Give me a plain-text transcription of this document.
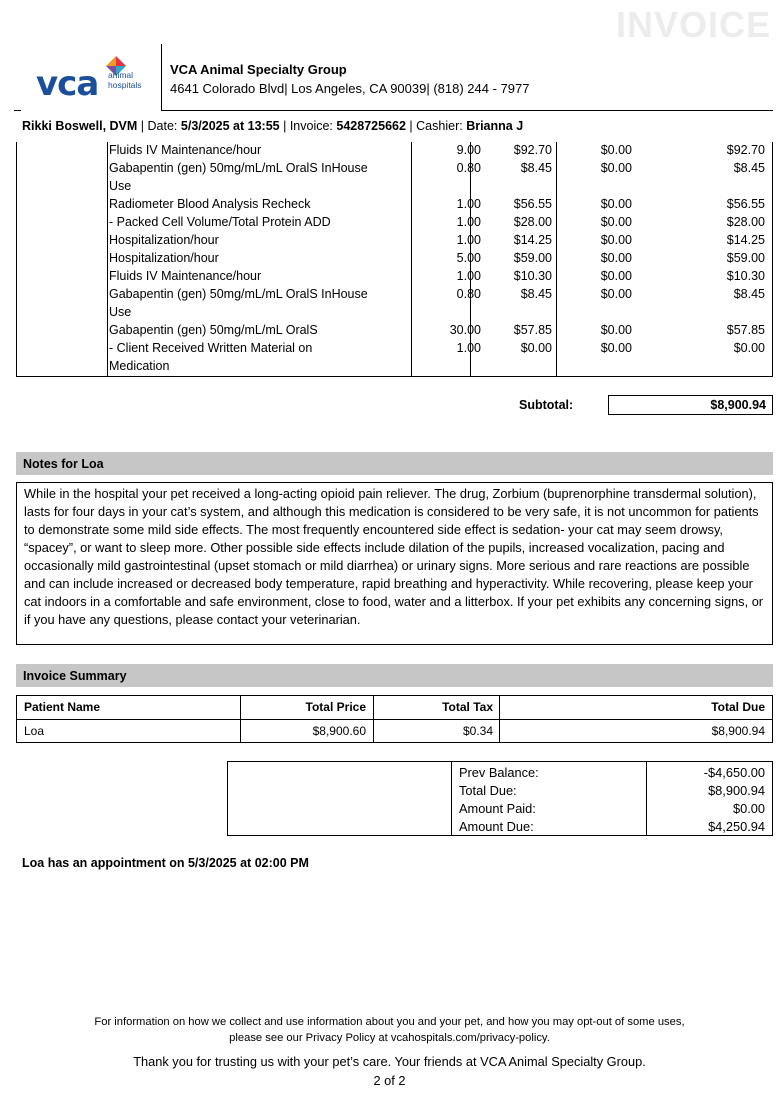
INVOICE
vca animal
hospitals
VCA Animal Specialty Group
4641 Colorado Blvd| Los Angeles, CA 90039| (818) 244 - 7977
Rikki Boswell, DVM | Date: 5/3/2025 at 13:55 | Invoice: 5428725662 | Cashier: Brianna J
Fluids IV Maintenance/hour	9.00	$92.70	$0.00	$92.70
Gabapentin (gen) 50mg/mL/mL OralS InHouse	0.80	$8.45	$0.00	$8.45
Use
Radiometer Blood Analysis Recheck	1.00	$56.55	$0.00	$56.55
- Packed Cell Volume/Total Protein ADD	1.00	$28.00	$0.00	$28.00
Hospitalization/hour	1.00	$14.25	$0.00	$14.25
Hospitalization/hour	5.00	$59.00	$0.00	$59.00
Fluids IV Maintenance/hour	1.00	$10.30	$0.00	$10.30
Gabapentin (gen) 50mg/mL/mL OralS InHouse	0.80	$8.45	$0.00	$8.45
Use
Gabapentin (gen) 50mg/mL/mL OralS	30.00	$57.85	$0.00	$57.85
- Client Received Written Material on	1.00	$0.00	$0.00	$0.00
Medication
Subtotal:	$8,900.94
Notes for Loa
While in the hospital your pet received a long-acting opioid pain reliever. The drug, Zorbium (buprenorphine transdermal solution), lasts for four days in your cat’s system, and although this medication is considered to be very safe, it is not uncommon for patients to demonstrate some mild side effects. The most frequently encountered side effect is sedation- your cat may seem drowsy, “spacey”, or want to sleep more. Other possible side effects include dilation of the pupils, increased vocalization, pacing and occasionally mild gastrointestinal (upset stomach or mild diarrhea) or urinary signs. More serious and rare reactions are possible and can include increased or decreased body temperature, rapid breathing and hyperactivity. While recovering, please keep your cat indoors in a comfortable and safe environment, close to food, water and a litterbox. If your pet exhibits any concerning signs, or if you have any questions, please contact your veterinarian.
Invoice Summary
Patient Name	Total Price	Total Tax	Total Due
Loa	$8,900.60	$0.34	$8,900.94
Prev Balance:	-$4,650.00
Total Due:	$8,900.94
Amount Paid:	$0.00
Amount Due:	$4,250.94
Loa has an appointment on 5/3/2025 at 02:00 PM
For information on how we collect and use information about you and your pet, and how you may opt-out of some uses,
please see our Privacy Policy at vcahospitals.com/privacy-policy.
Thank you for trusting us with your pet’s care. Your friends at VCA Animal Specialty Group.
2 of 2
